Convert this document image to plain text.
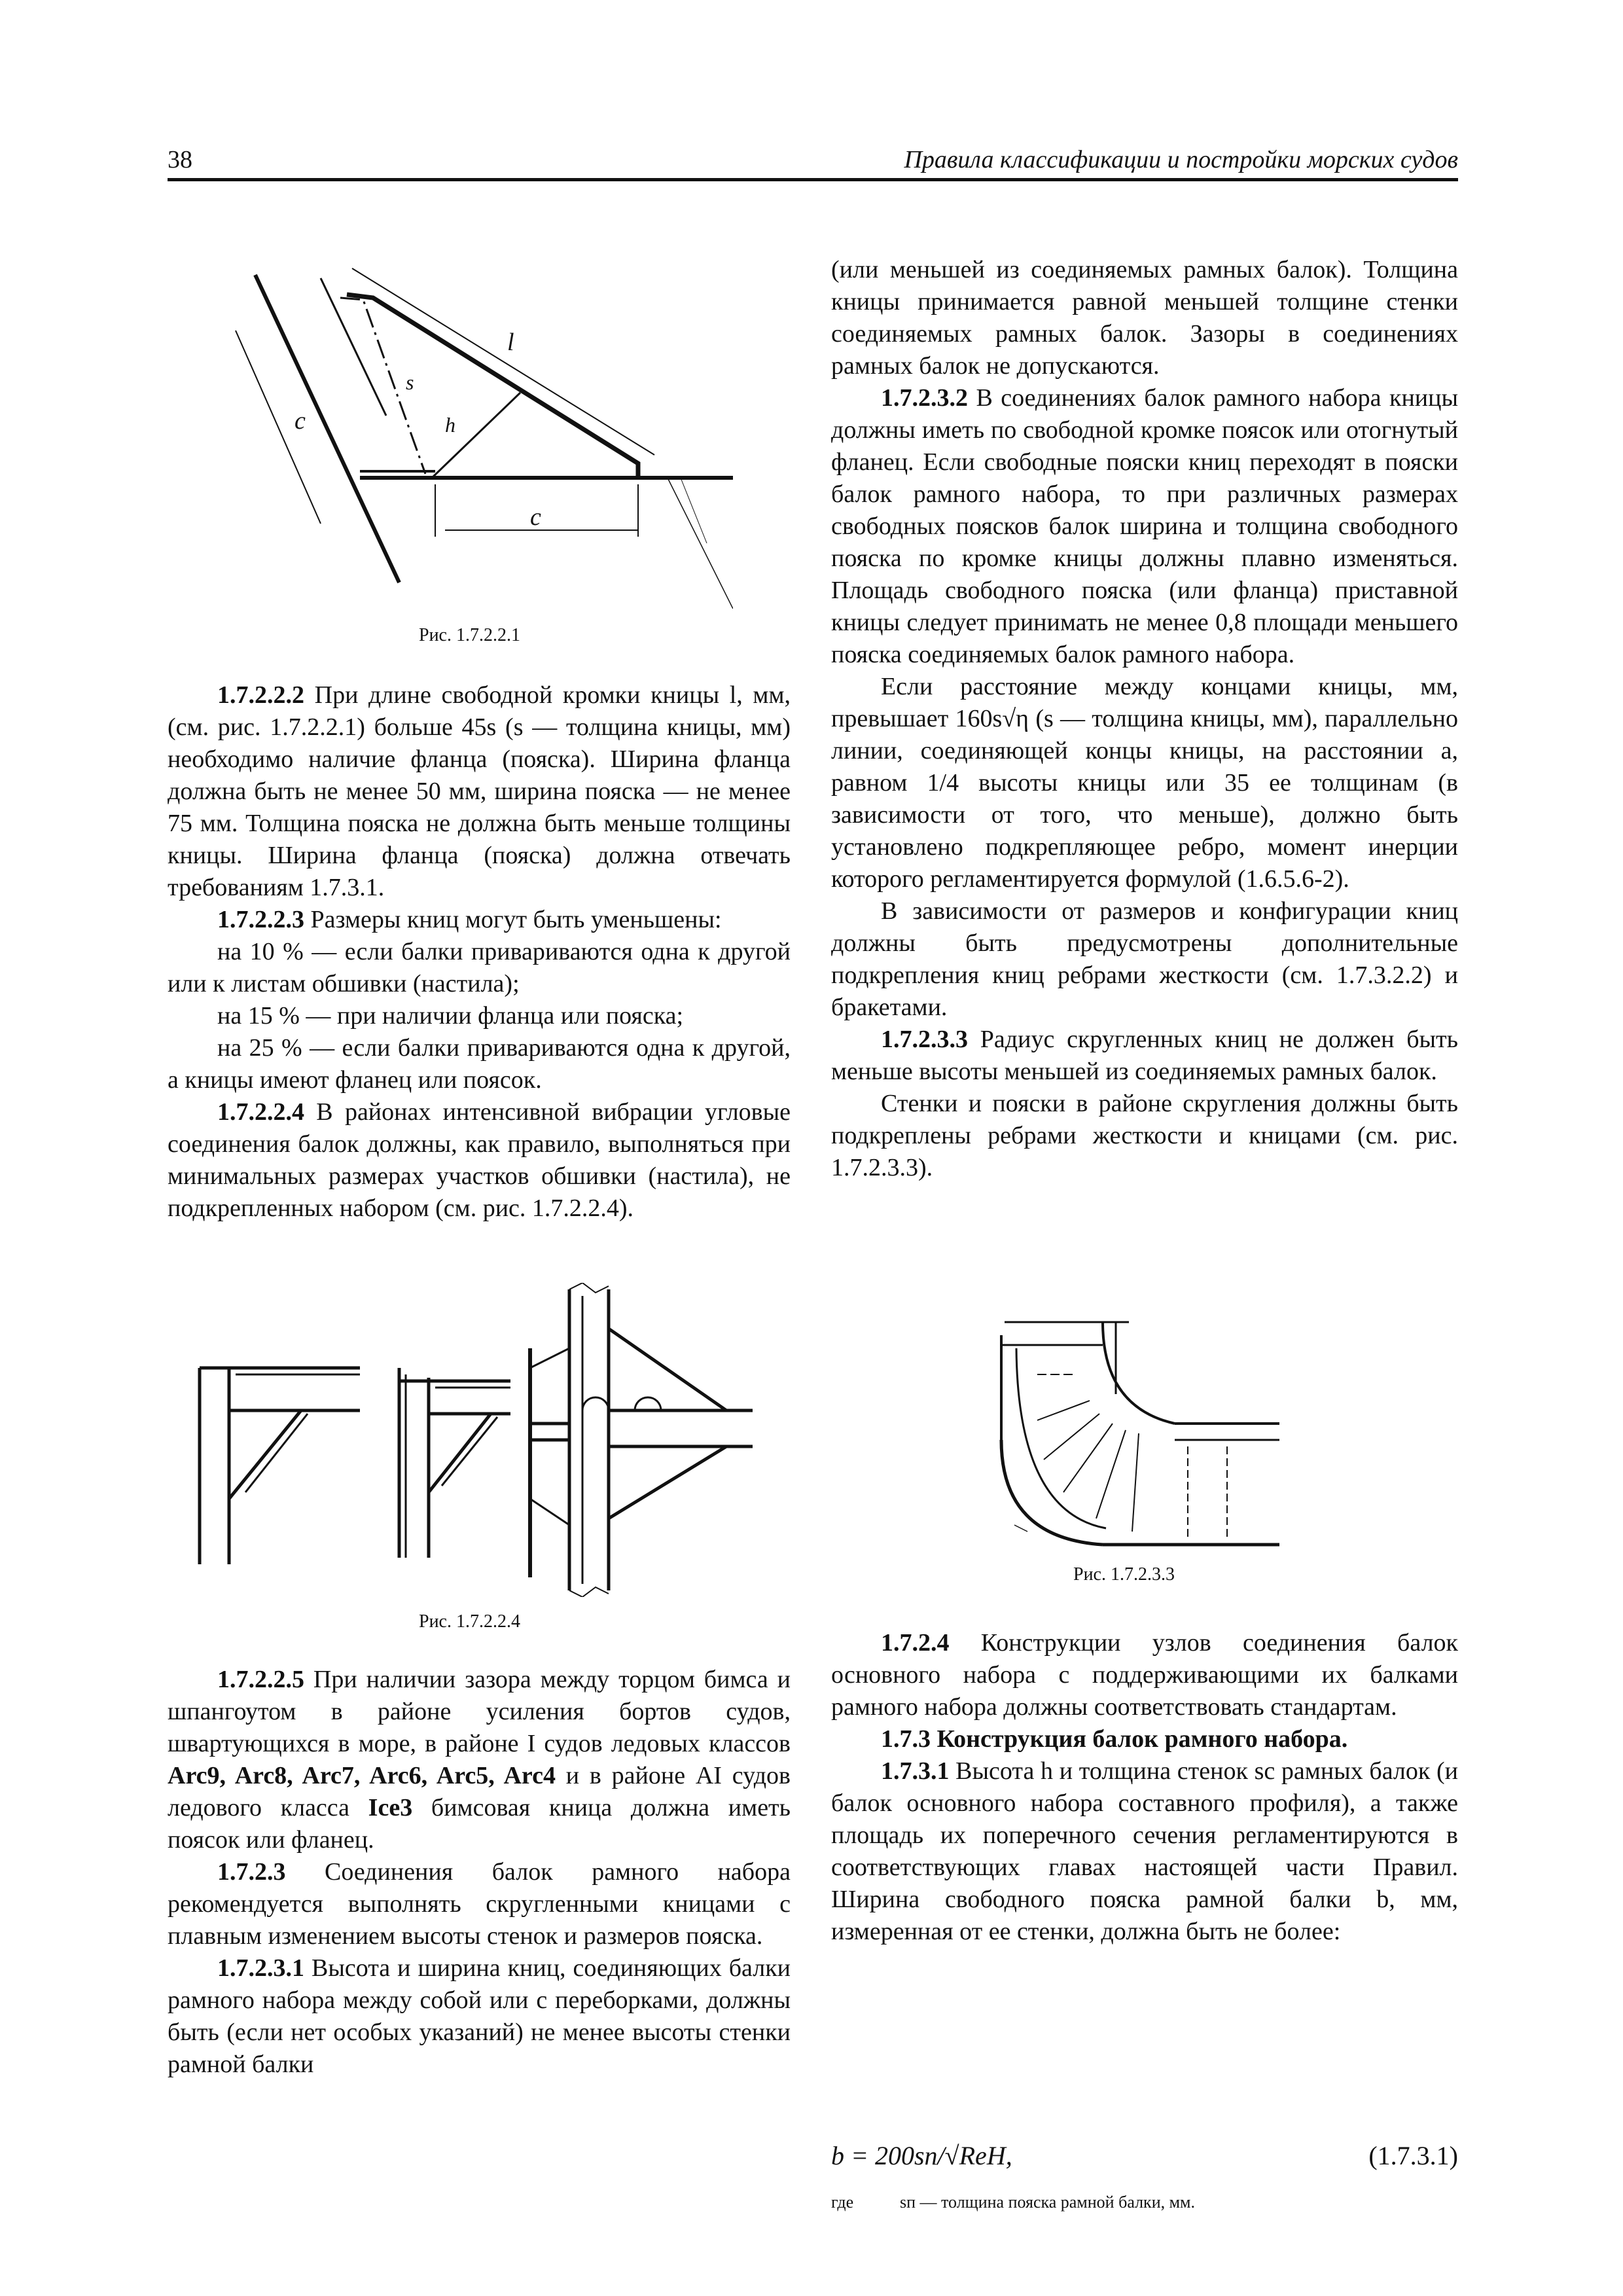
38	Правила классификации и постройки морских судов
c
s
h
l
c
Рис. 1.7.2.2.1

1.7.2.2.2 При длине свободной кромки кницы l, мм, (см. рис. 1.7.2.2.1) больше 45s (s — толщина кницы, мм) необходимо наличие фланца (пояска). Ширина фланца должна быть не менее 50 мм, ширина пояска — не менее 75 мм. Толщина пояска не должна быть меньше толщины кницы. Ширина фланца (пояска) должна отвечать требованиям 1.7.3.1.

1.7.2.2.3 Размеры книц могут быть уменьшены:

на 10 % — если балки привариваются одна к другой или к листам обшивки (настила);

на 15 % — при наличии фланца или пояска;

на 25 % — если балки привариваются одна к другой, а кницы имеют фланец или поясок.

1.7.2.2.4 В районах интенсивной вибрации угловые соединения балок должны, как правило, выполняться при минимальных размерах участков обшивки (настила), не подкрепленных набором (см. рис. 1.7.2.2.4).

Рис. 1.7.2.2.4

1.7.2.2.5 При наличии зазора между торцом бимса и шпангоутом в районе усиления бортов судов, швартующихся в море, в районе I судов ледовых классов Arc9, Arc8, Arc7, Arc6, Arc5, Arc4 и в районе AI судов ледового класса Ice3 бимсовая кница должна иметь поясок или фланец.

1.7.2.3 Соединения балок рамного набора рекомендуется выполнять скругленными кницами с плавным изменением высоты стенок и размеров пояска.

1.7.2.3.1 Высота и ширина книц, соединяющих балки рамного набора между собой или с переборками, должны быть (если нет особых указаний) не менее высоты стенки рамной балки

(или меньшей из соединяемых рамных балок). Толщина кницы принимается равной меньшей толщине стенки соединяемых рамных балок. Зазоры в соединениях рамных балок не допускаются.

1.7.2.3.2 В соединениях балок рамного набора кницы должны иметь по свободной кромке поясок или отогнутый фланец. Если свободные пояски книц переходят в пояски балок рамного набора, то при различных размерах свободных поясков балок ширина и толщина свободного пояска по кромке кницы должны плавно изменяться. Площадь свободного пояска (или фланца) приставной кницы следует принимать не менее 0,8 площади меньшего пояска соединяемых балок рамного набора.

Если расстояние между концами кницы, мм, превышает 160s√η (s — толщина кницы, мм), параллельно линии, соединяющей концы кницы, на расстоянии a, равном 1/4 высоты кницы или 35 ее толщинам (в зависимости от того, что меньше), должно быть установлено подкрепляющее ребро, момент инерции которого регламентируется формулой (1.6.5.6-2).

В зависимости от размеров и конфигурации книц должны быть предусмотрены дополнительные подкрепления книц ребрами жесткости (см. 1.7.3.2.2) и бракетами.

1.7.2.3.3 Радиус скругленных книц не должен быть меньше высоты меньшей из соединяемых рамных балок.

Стенки и пояски в районе скругления должны быть подкреплены ребрами жесткости и кницами (см. рис. 1.7.2.3.3).

Рис. 1.7.2.3.3

1.7.2.4 Конструкции узлов соединения балок основного набора с поддерживающими их балками рамного набора должны соответствовать стандартам.

1.7.3 Конструкция балок рамного набора.

1.7.3.1 Высота h и толщина стенок sс рамных балок (и балок основного набора составного профиля), а также площадь их поперечного сечения регламентируются в соответствующих главах настоящей части Правил. Ширина свободного пояска рамной балки b, мм, измеренная от ее стенки, должна быть не более:

b = 200sп/√ReH,	(1.7.3.1)
где	sп — толщина пояска рамной балки, мм.
